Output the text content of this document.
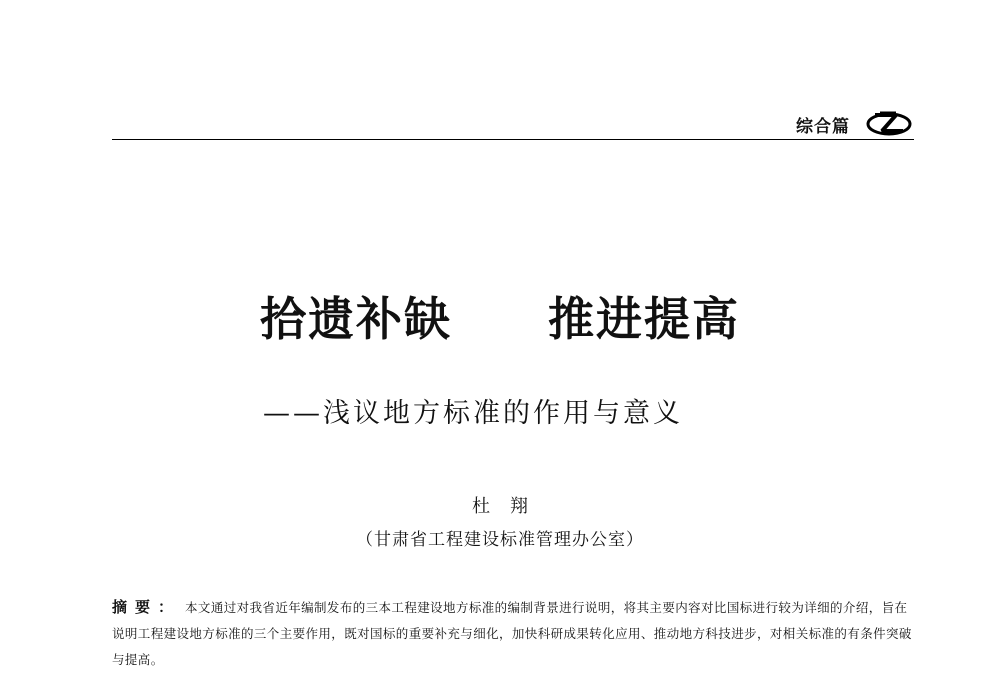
综合篇
拾遗补缺　　推进提高
——浅议地方标准的作用与意义
杜翔
（甘肃省工程建设标准管理办公室）
摘要： 本文通过对我省近年编制发布的三本工程建设地方标准的编制背景进行说明，将其主要内容对比国标进行较为详细的介绍，旨在说明工程建设地方标准的三个主要作用，既对国标的重要补充与细化，加快科研成果转化应用、推动地方科技进步，对相关标准的有条件突破与提高。
